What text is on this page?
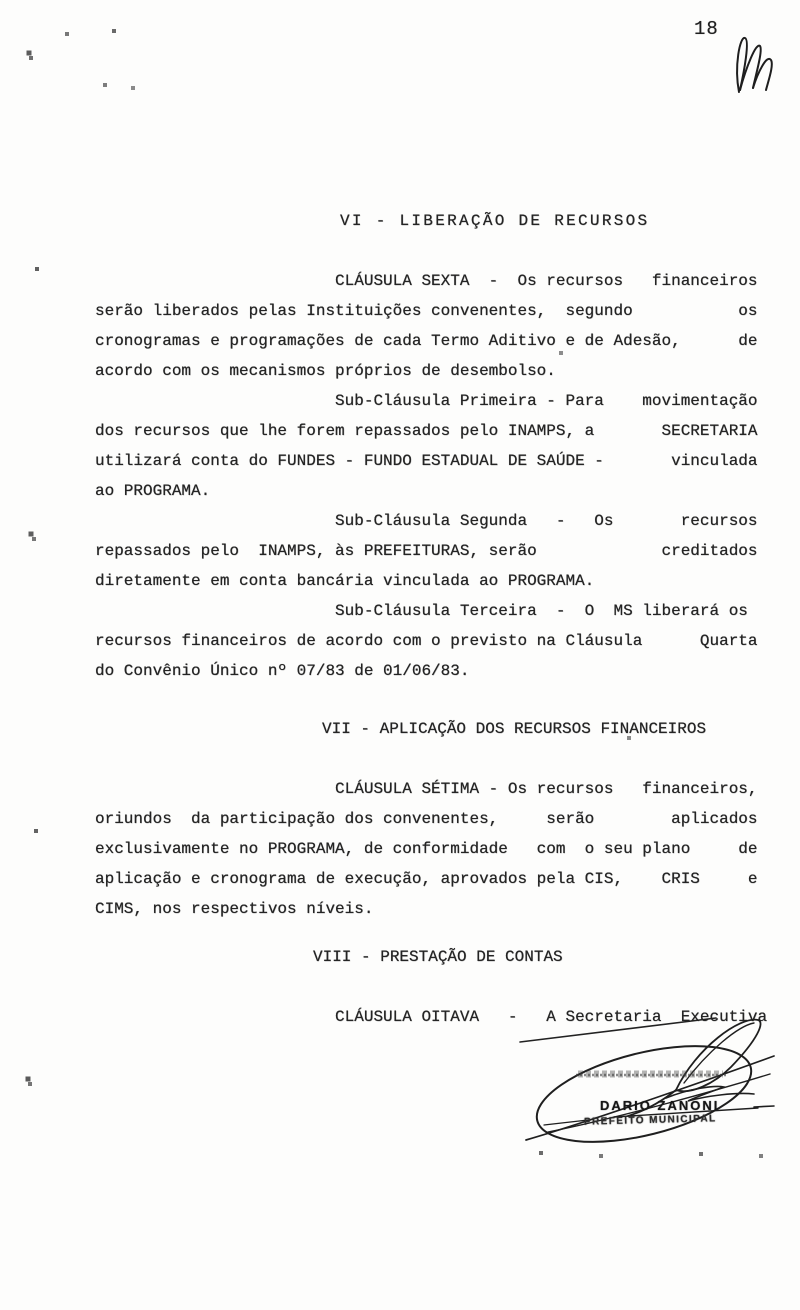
18
VI - LIBERAÇÃO DE RECURSOS
CLÁUSULA SEXTA  -  Os recursos   financeiros
serão liberados pelas Instituições convenentes,  segundo           os
cronogramas e programações de cada Termo Aditivo e de Adesão,      de
acordo com os mecanismos próprios de desembolso.
Sub-Cláusula Primeira - Para    movimentação
dos recursos que lhe forem repassados pelo INAMPS, a       SECRETARIA
utilizará conta do FUNDES - FUNDO ESTADUAL DE SAÚDE -       vinculada
ao PROGRAMA.
Sub-Cláusula Segunda   -   Os       recursos
repassados pelo  INAMPS, às PREFEITURAS, serão             creditados
diretamente em conta bancária vinculada ao PROGRAMA.
Sub-Cláusula Terceira  -  O  MS liberará os
recursos financeiros de acordo com o previsto na Cláusula      Quarta
do Convênio Único nº 07/83 de 01/06/83.
VII - APLICAÇÃO DOS RECURSOS FINANCEIROS
CLÁUSULA SÉTIMA - Os recursos   financeiros,
oriundos  da participação dos convenentes,     serão        aplicados
exclusivamente no PROGRAMA, de conformidade   com  o seu plano     de
aplicação e cronograma de execução, aprovados pela CIS,    CRIS     e
CIMS, nos respectivos níveis.
VIII - PRESTAÇÃO DE CONTAS
CLÁUSULA OITAVA   -   A Secretaria  Executiva
DARIO ZANONI
PREFEITO MUNICIPAL
